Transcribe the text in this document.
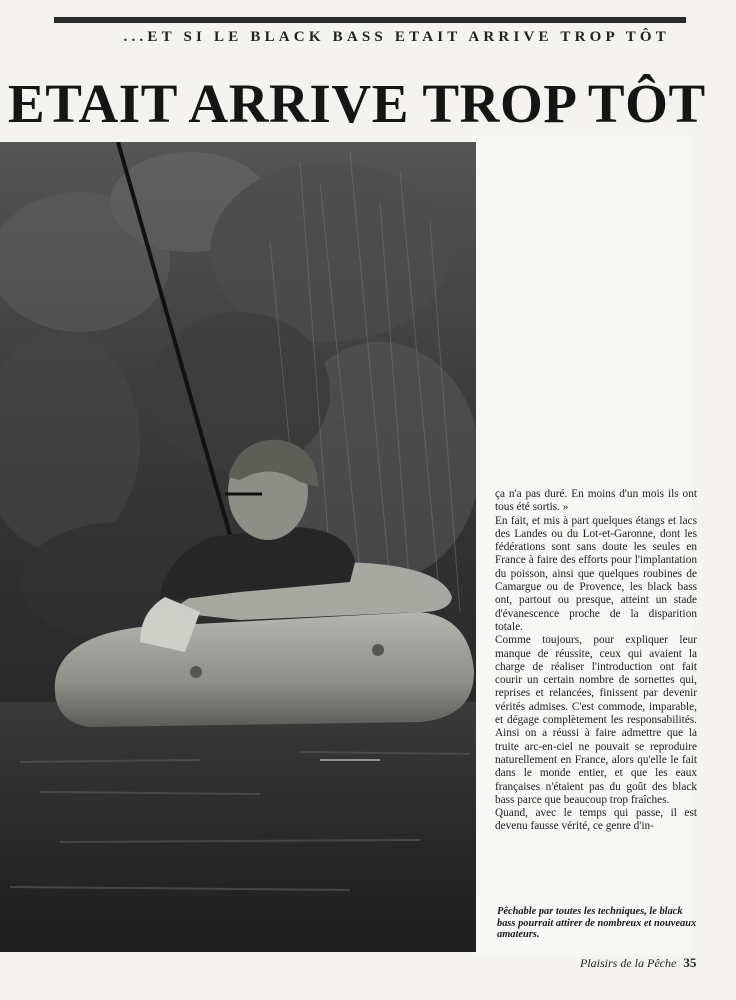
...ET SI LE BLACK BASS ETAIT ARRIVE TROP TÔT
ETAIT ARRIVE TROP TÔT

ça n'a pas duré. En moins d'un mois ils ont tous été sortis. »

En fait, et mis à part quelques étangs et lacs des Landes ou du Lot-et-Garonne, dont les fédérations sont sans doute les seules en France à faire des efforts pour l'implantation du poisson, ainsi que quelques roubines de Camargue ou de Provence, les black bass ont, partout ou presque, atteint un stade d'évanescence proche de la disparition totale.

Comme toujours, pour expliquer leur manque de réussite, ceux qui avaient la charge de réaliser l'introduction ont fait courir un certain nombre de sornettes qui, reprises et relancées, finissent par devenir vérités admises. C'est commode, imparable, et dégage complètement les responsabilités. Ainsi on a réussi à faire admettre que la truite arc-en-ciel ne pouvait se reproduire naturellement en France, alors qu'elle le fait dans le monde entier, et que les eaux françaises n'étaient pas du goût des black bass parce que beaucoup trop fraîches.

Quand, avec le temps qui passe, il est devenu fausse vérité, ce genre d'in-

Pêchable par toutes les techniques, le black bass pourrait attirer de nombreux et nouveaux amateurs.
Plaisirs de la Pêche 35
